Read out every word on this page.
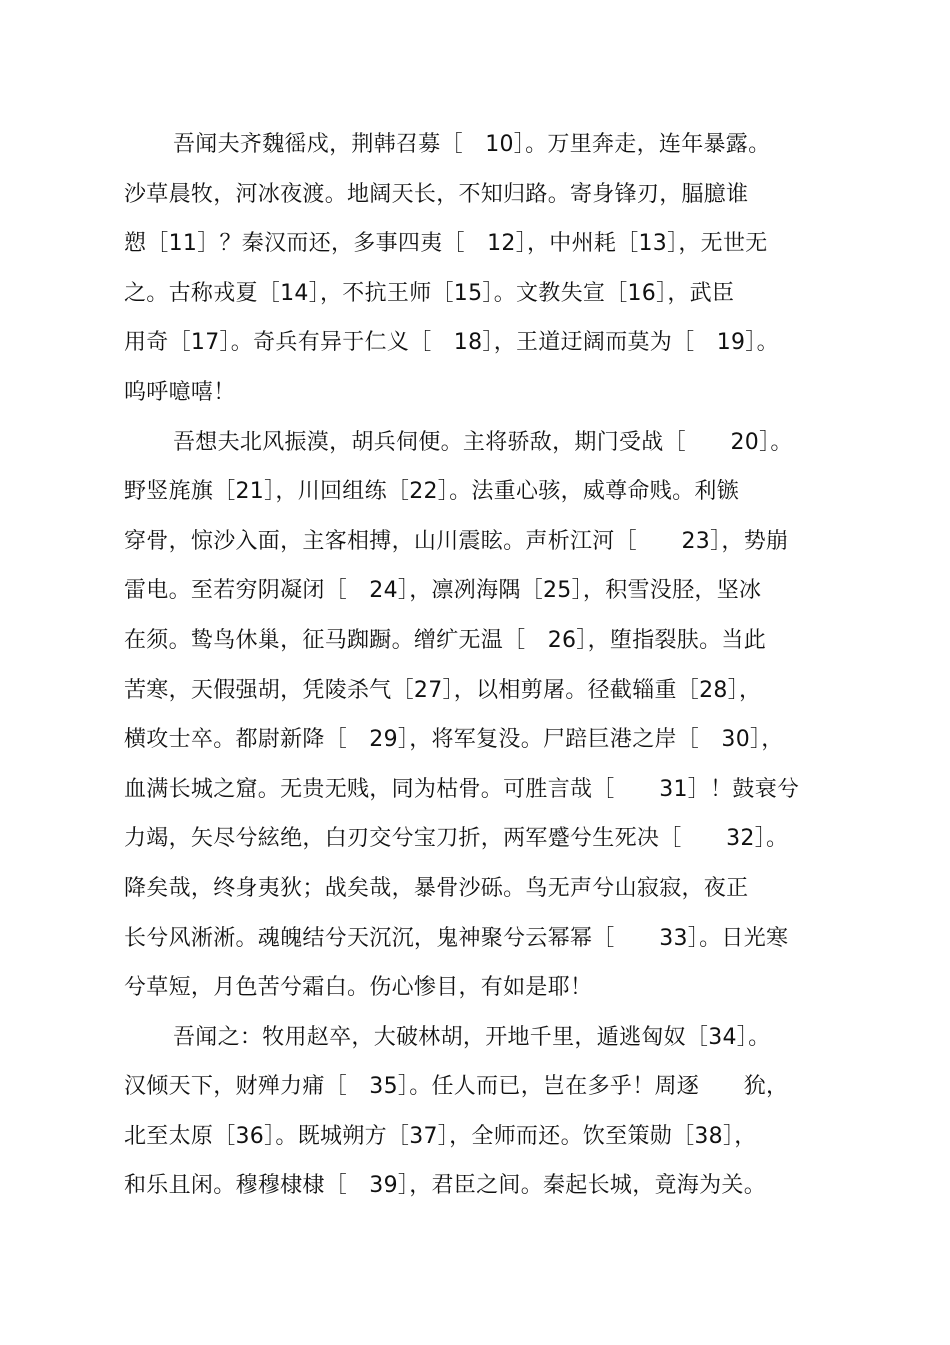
吾闻夫齐魏徭戍，荆韩召募［　10］。万里奔走，连年暴露。
沙草晨牧，河冰夜渡。地阔天长，不知归路。寄身锋刃，腷臆谁
愬［11］？秦汉而还，多事四夷［　12］，中州耗［13］，无世无
之。古称戎夏［14］，不抗王师［15］。文教失宣［16］，武臣
用奇［17］。奇兵有异于仁义［　18］，王道迂阔而莫为［　19］。
呜呼噫嘻！
吾想夫北风振漠，胡兵伺便。主将骄敌，期门受战［　　20］。
野竖旄旗［21］，川回组练［22］。法重心骇，威尊命贱。利镞
穿骨，惊沙入面，主客相搏，山川震眩。声析江河［　　23］，势崩
雷电。至若穷阴凝闭［　24］，凛冽海隅［25］，积雪没胫，坚冰
在须。鸷鸟休巢，征马踟蹰。缯纩无温［　26］，堕指裂肤。当此
苦寒，天假强胡，凭陵杀气［27］，以相剪屠。径截辎重［28］，
横攻士卒。都尉新降［　29］，将军复没。尸踣巨港之岸［　30］，
血满长城之窟。无贵无贱，同为枯骨。可胜言哉［　　31］！鼓衰兮
力竭，矢尽兮絃绝，白刃交兮宝刀折，两军蹙兮生死决［　　32］。
降矣哉，终身夷狄；战矣哉，暴骨沙砾。鸟无声兮山寂寂，夜正
长兮风淅淅。魂魄结兮天沉沉，鬼神聚兮云幂幂［　　33］。日光寒
兮草短，月色苦兮霜白。伤心惨目，有如是耶！
吾闻之：牧用赵卒，大破林胡，开地千里，遁逃匈奴［34］。
汉倾天下，财殚力痡［　35］。任人而已，岂在多乎！周逐　　狁，
北至太原［36］。既城朔方［37］，全师而还。饮至策勋［38］，
和乐且闲。穆穆棣棣［　39］，君臣之间。秦起长城，竟海为关。
